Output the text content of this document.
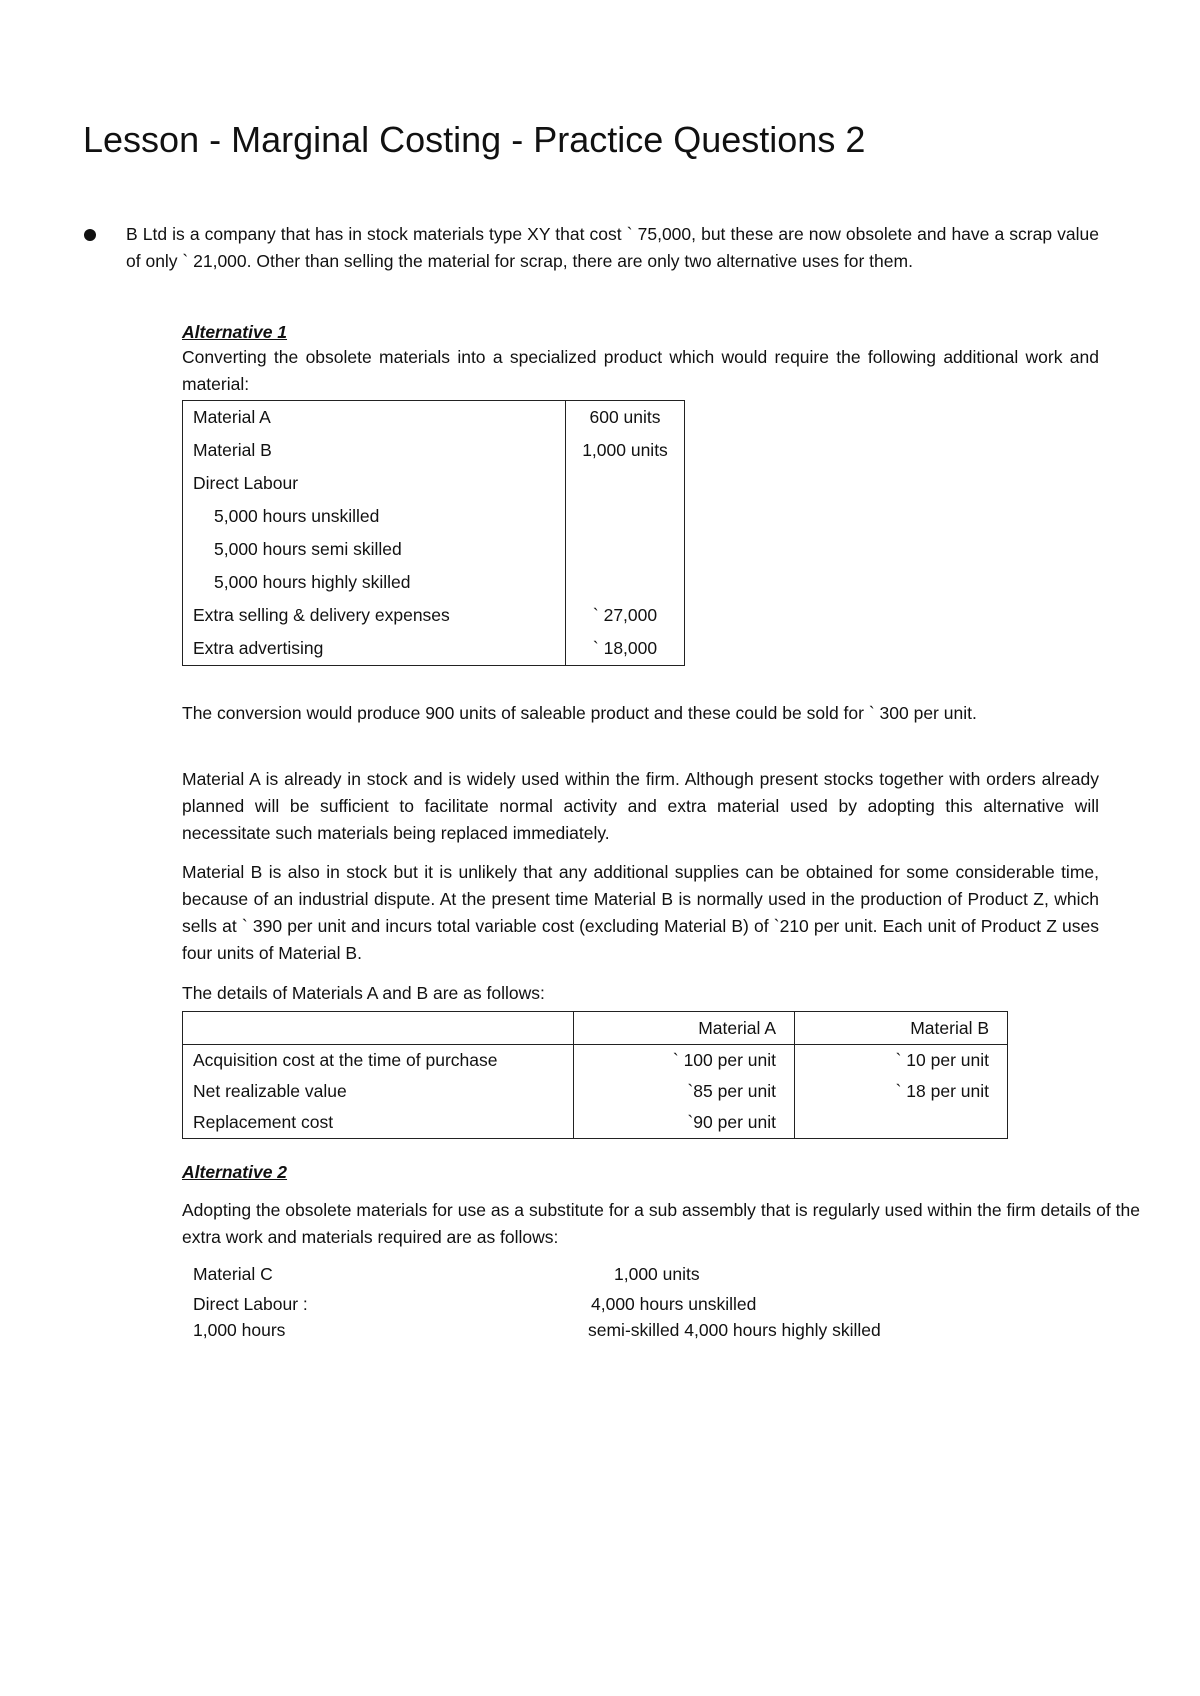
Lesson - Marginal Costing - Practice Questions 2

B Ltd is a company that has in stock materials type XY that cost ` 75,000, but these are now obsolete and have a scrap value of only ` 21,000. Other than selling the material for scrap, there are only two alternative uses for them.

Alternative 1

Converting the obsolete materials into a specialized product which would require the following additional work and material:

Material A	600 units
Material B	1,000 units
Direct Labour	
5,000 hours unskilled	
5,000 hours semi skilled	
5,000 hours highly skilled	
Extra selling & delivery expenses	` 27,000
Extra advertising	` 18,000

The conversion would produce 900 units of saleable product and these could be sold for ` 300 per unit.

Material A is already in stock and is widely used within the firm. Although present stocks together with orders already planned will be sufficient to facilitate normal activity and extra material used by adopting this alternative will necessitate such materials being replaced immediately.

Material B is also in stock but it is unlikely that any additional supplies can be obtained for some considerable time, because of an industrial dispute. At the present time Material B is normally used in the production of Product Z, which sells at ` 390 per unit and incurs total variable cost (excluding Material B) of `210 per unit. Each unit of Product Z uses four units of Material B.

The details of Materials A and B are as follows:

	Material A	Material B
Acquisition cost at the time of purchase	` 100 per unit	` 10 per unit
Net realizable value	`85 per unit	` 18 per unit
Replacement cost	`90 per unit	

Alternative 2

Adopting the obsolete materials for use as a substitute for a sub assembly that is regularly used within the firm details of the extra work and materials required are as follows:

Material C	1,000 units
Direct Labour :	4,000 hours unskilled
1,000 hours	semi-skilled 4,000 hours highly skilled
